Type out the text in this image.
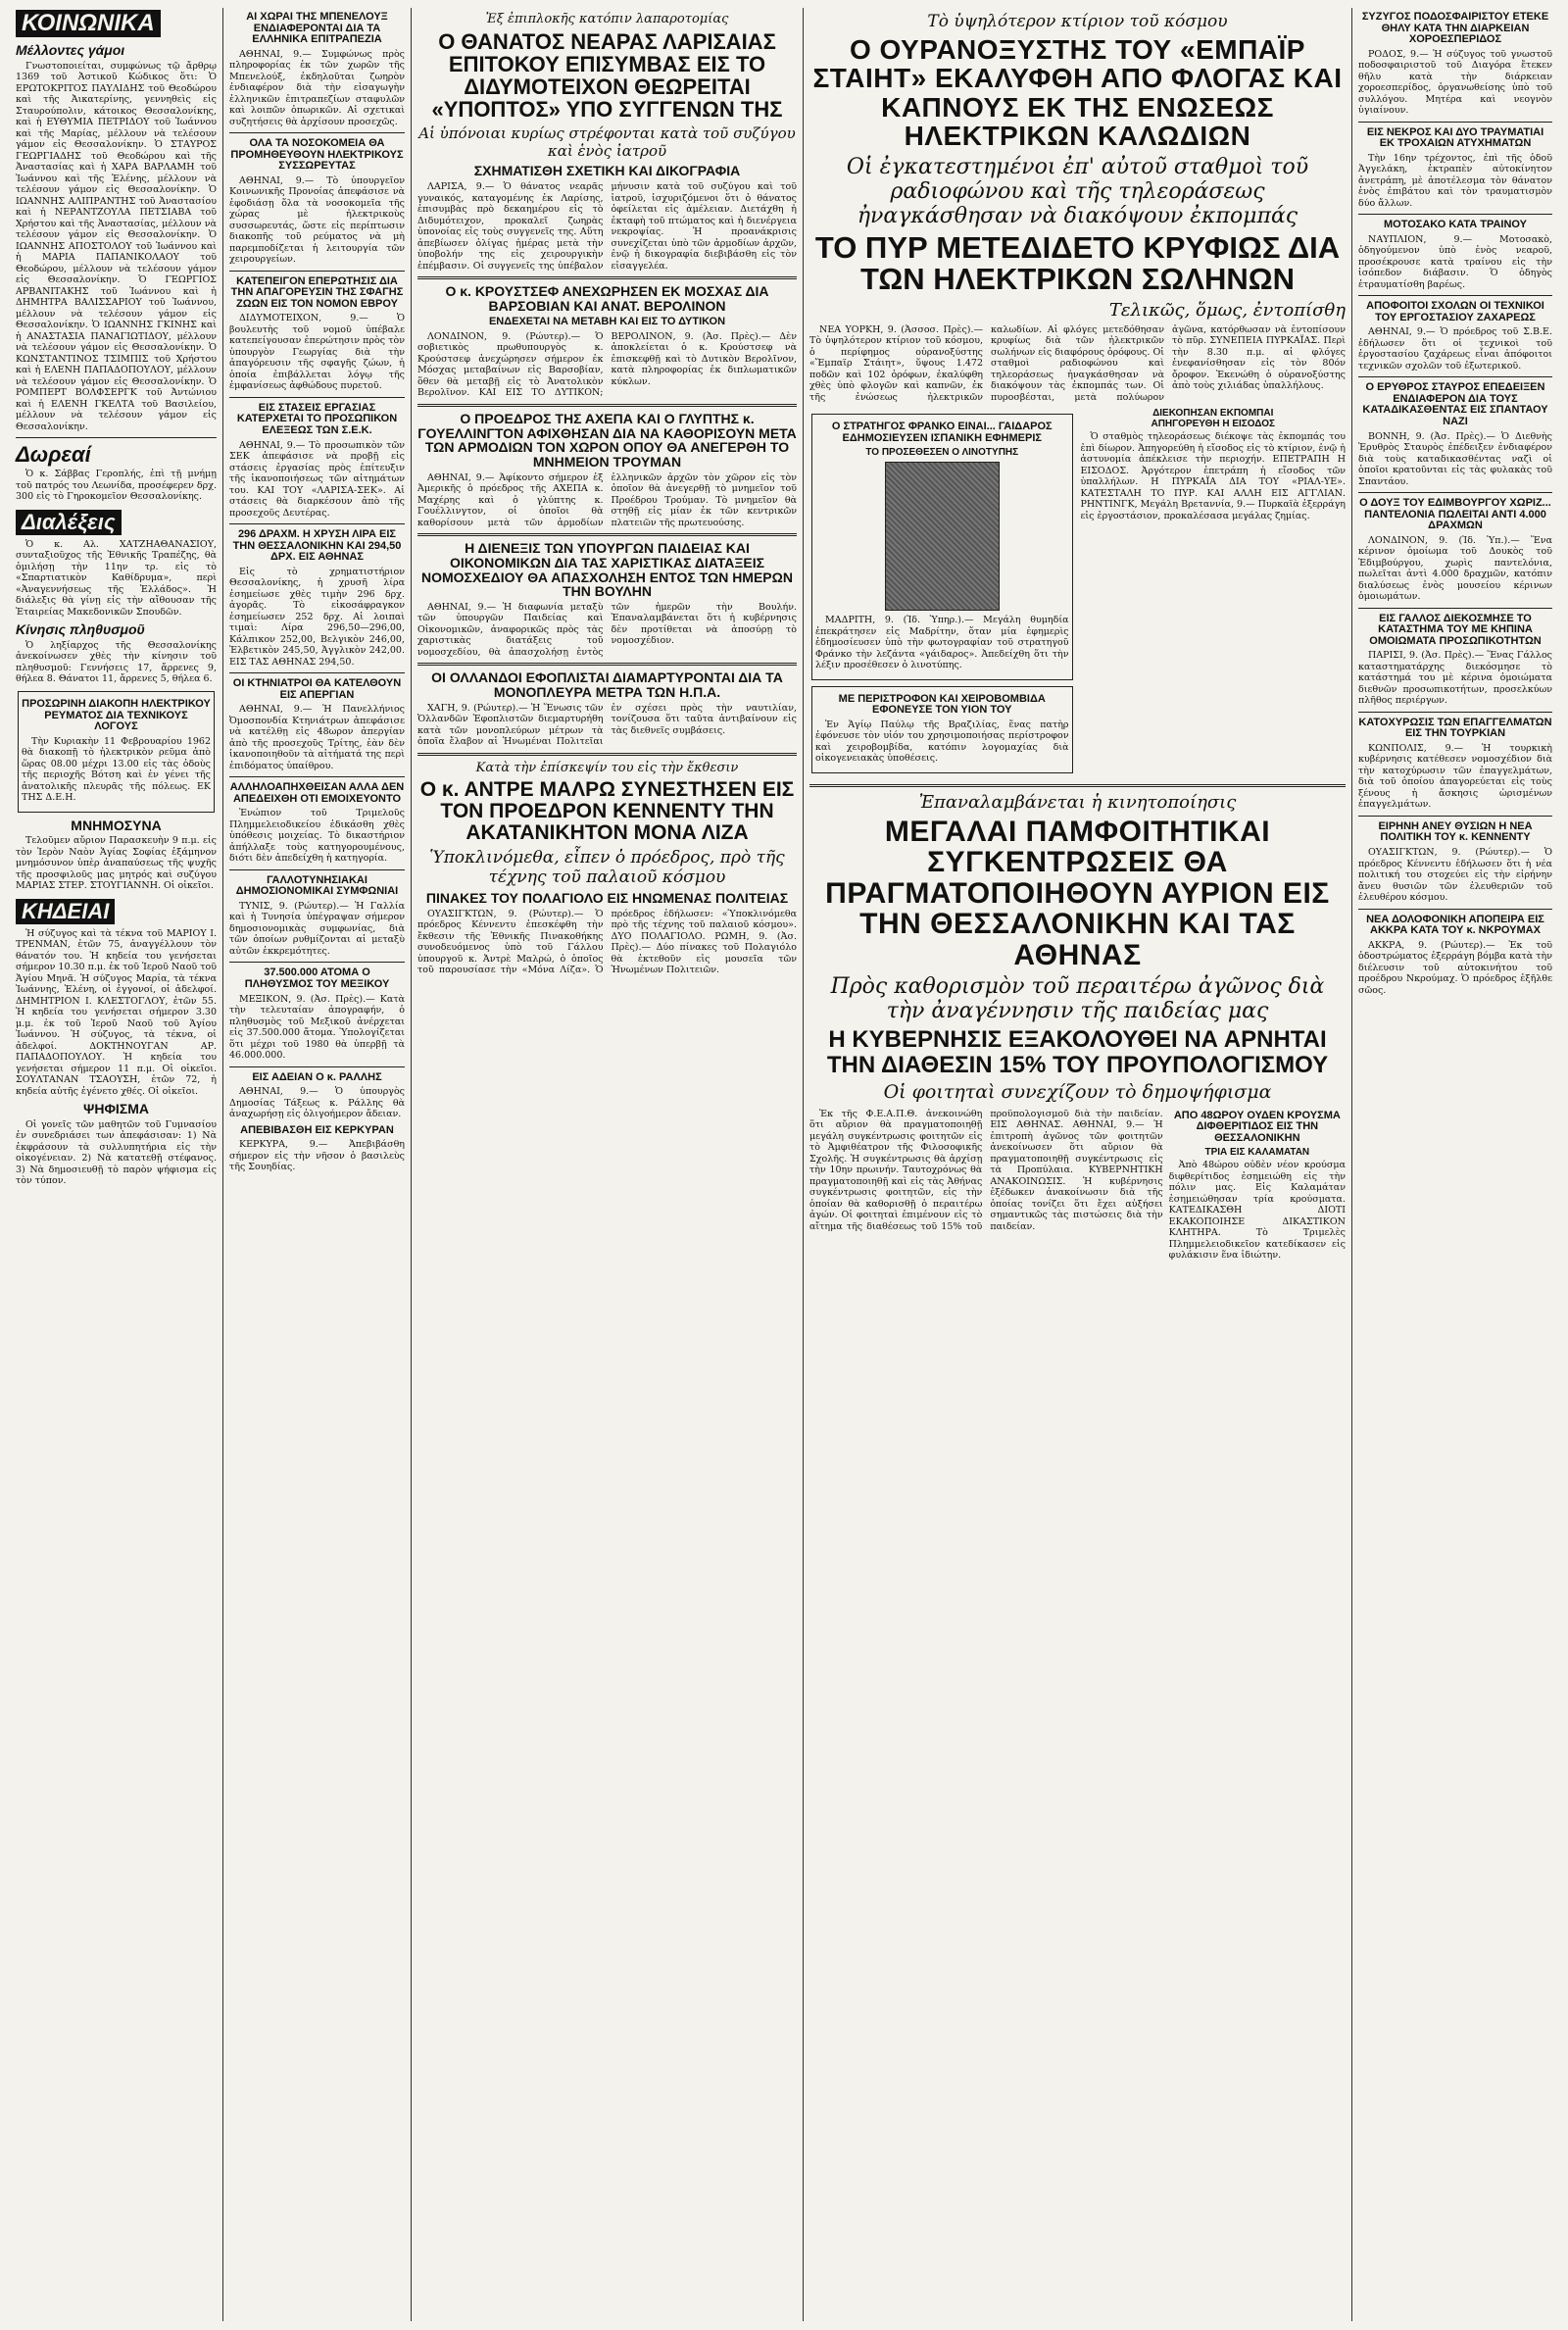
ΚΟΙΝΩΝΙΚΑ
Μέλλοντες γάμοι

Γνωστοποιείται, συμφώνως τῷ ἄρθρῳ 1369 τοῦ Ἀστικοῦ Κώδικος ὅτι: Ὁ ΕΡΩΤΟΚΡΙΤΟΣ ΠΑΥΛΙΔΗΣ τοῦ Θεοδώρου καὶ τῆς Ἀικατερίνης, γεννηθεὶς εἰς Σταυρούπολιν, κάτοικος Θεσσαλονίκης, καὶ ἡ ΕΥΘΥΜΙΑ ΠΕΤΡΙΔΟΥ τοῦ Ἰωάννου καὶ τῆς Μαρίας, μέλλουν νὰ τελέσουν γάμον εἰς Θεσσαλονίκην. Ὁ ΣΤΑΥΡΟΣ ΓΕΩΡΓΙΑΔΗΣ τοῦ Θεοδώρου καὶ τῆς Ἀναστασίας καὶ ἡ ΧΑΡΑ ΒΑΡΛΑΜΗ τοῦ Ἰωάννου καὶ τῆς Ἑλένης, μέλλουν νὰ τελέσουν γάμον εἰς Θεσσαλονίκην. Ὁ ΙΩΑΝΝΗΣ ΑΛΙΠΡΑΝΤΗΣ τοῦ Ἀναστασίου καὶ ἡ ΝΕΡΑΝΤΖΟΥΛΑ ΠΕΤΣΙΑΒΑ τοῦ Χρήστου καὶ τῆς Ἀναστασίας, μέλλουν νὰ τελέσουν γάμον εἰς Θεσσαλονίκην. Ὁ ΙΩΑΝΝΗΣ ΑΠΟΣΤΟΛΟΥ τοῦ Ἰωάννου καὶ ἡ ΜΑΡΙΑ ΠΑΠΑΝΙΚΟΛΑΟΥ τοῦ Θεοδώρου, μέλλουν νὰ τελέσουν γάμον εἰς Θεσσαλονίκην. Ὁ ΓΕΩΡΓΙΟΣ ΑΡΒΑΝΙΤΑΚΗΣ τοῦ Ἰωάννου καὶ ἡ ΔΗΜΗΤΡΑ ΒΑΛΙΣΣΑΡΙΟΥ τοῦ Ἰωάννου, μέλλουν νὰ τελέσουν γάμον εἰς Θεσσαλονίκην. Ὁ ΙΩΑΝΝΗΣ ΓΚΙΝΗΣ καὶ ἡ ΑΝΑΣΤΑΣΙΑ ΠΑΝΑΓΙΩΤΙΔΟΥ, μέλλουν νὰ τελέσουν γάμον εἰς Θεσσαλονίκην. Ὁ ΚΩΝΣΤΑΝΤΙΝΟΣ ΤΣΙΜΠΙΣ τοῦ Χρήστου καὶ ἡ ΕΛΕΝΗ ΠΑΠΑΔΟΠΟΥΛΟΥ, μέλλουν νὰ τελέσουν γάμον εἰς Θεσσαλονίκην. Ὁ ΡΟΜΠΕΡΤ ΒΟΛΦΣΕΡΓΚ τοῦ Ἀντώνιου καὶ ἡ ΕΛΕΝΗ ΓΚΕΛΤΑ τοῦ Βασιλείου, μέλλουν νὰ τελέσουν γάμον εἰς Θεσσαλονίκην.

Δωρεαί

Ὁ κ. Σάββας Γεροπλής, ἐπὶ τῇ μνήμῃ τοῦ πατρός του Λεωνίδα, προσέφερεν δρχ. 300 εἰς τὸ Γηροκομεῖον Θεσσαλονίκης.

Διαλέξεις

Ὁ κ. Αλ. ΧΑΤΖΗΑΘΑΝΑΣΙΟΥ, συνταξιοῦχος τῆς Ἐθνικῆς Τραπέζης, θὰ ὁμιλήσῃ τὴν 11ην τρ. εἰς τὸ «Σπαρτιατικὸν Καθίδρυμα», περὶ «Ἀναγεννήσεως τῆς Ἑλλάδος». Ἡ διάλεξις θὰ γίνῃ εἰς τὴν αἴθουσαν τῆς Ἑταιρείας Μακεδονικῶν Σπουδῶν.

Κίνησις πληθυσμοῦ

Ὁ ληξίαρχος τῆς Θεσσαλονίκης ἀνεκοίνωσεν χθὲς τὴν κίνησιν τοῦ πληθυσμοῦ: Γεννήσεις 17, ἄρρενες 9, θήλεα 8. Θάνατοι 11, ἄρρενες 5, θήλεα 6.

ΠΡΟΣΩΡΙΝΗ ΔΙΑΚΟΠΗ ΗΛΕΚΤΡΙΚΟΥ ΡΕΥΜΑΤΟΣ ΔΙΑ ΤΕΧΝΙΚΟΥΣ ΛΟΓΟΥΣ

Τὴν Κυριακὴν 11 Φεβρουαρίου 1962 θὰ διακοπῇ τὸ ἠλεκτρικὸν ρεῦμα ἀπὸ ὥρας 08.00 μέχρι 13.00 εἰς τὰς ὁδοὺς τῆς περιοχῆς Βότση καὶ ἐν γένει τῆς ἀνατολικῆς πλευρᾶς τῆς πόλεως. ΕΚ ΤΗΣ Δ.Ε.Η.

ΜΝΗΜΟΣΥΝΑ

Τελοῦμεν αὔριον Παρασκευὴν 9 π.μ. εἰς τὸν Ἱερὸν Ναὸν Ἁγίας Σοφίας ἑξάμηνον μνημόσυνον ὑπὲρ ἀναπαύσεως τῆς ψυχῆς τῆς προσφιλοῦς μας μητρός καὶ συζύγου ΜΑΡΙΑΣ ΣΤΕΡ. ΣΤΟΥΓΙΑΝΝΗ. Οἱ οἰκεῖοι.

ΚΗΔΕΙΑΙ

Ἡ σύζυγος καὶ τὰ τέκνα τοῦ ΜΑΡΙΟΥ Ι. ΤΡΕΝΜΑΝ, ἐτῶν 75, ἀναγγέλλουν τὸν θάνατόν του. Ἡ κηδεία του γενήσεται σήμερον 10.30 π.μ. ἐκ τοῦ Ἱεροῦ Ναοῦ τοῦ Ἁγίου Μηνᾶ. Ἡ σύζυγος Μαρία, τὰ τέκνα Ἰωάννης, Ἑλένη, οἱ ἐγγονοί, οἱ ἀδελφοί. ΔΗΜΗΤΡΙΟΝ Ι. ΚΛΕΣΤΟΓΛΟΥ, ἐτῶν 55. Ἡ κηδεία του γενήσεται σήμερον 3.30 μ.μ. ἐκ τοῦ Ἱεροῦ Ναοῦ τοῦ Ἁγίου Ἰωάννου. Ἡ σύζυγος, τὰ τέκνα, οἱ ἀδελφοί. ΔΟΚΤΗΝΟΥΓΑΝ ΑΡ. ΠΑΠΑΔΟΠΟΥΛΟΥ. Ἡ κηδεία του γενήσεται σήμερον 11 π.μ. Οἱ οἰκεῖοι. ΣΟΥΛΤΑΝΑΝ ΤΣΑΟΥΣΗ, ἐτῶν 72, ἡ κηδεία αὐτῆς ἐγένετο χθές. Οἱ οἰκεῖοι.

ΨΗΦΙΣΜΑ

Οἱ γονεῖς τῶν μαθητῶν τοῦ Γυμνασίου ἐν συνεδριάσει των ἀπεφάσισαν: 1) Νὰ ἐκφράσουν τὰ συλλυπητήρια εἰς τὴν οἰκογένειαν. 2) Νὰ κατατεθῇ στέφανος. 3) Νὰ δημοσιευθῇ τὸ παρὸν ψήφισμα εἰς τὸν τύπον.

ΑΙ ΧΩΡΑΙ ΤΗΣ ΜΠΕΝΕΛΟΥΞ ΕΝΔΙΑΦΕΡΟΝΤΑΙ ΔΙΑ ΤΑ ΕΛΛΗΝΙΚΑ ΕΠΙΤΡΑΠΕΖΙΑ

ΑΘΗΝΑΙ, 9.— Συμφώνως πρὸς πληροφορίας ἐκ τῶν χωρῶν τῆς Μπενελούξ, ἐκδηλοῦται ζωηρὸν ἐνδιαφέρον διὰ τὴν εἰσαγωγὴν ἑλληνικῶν ἐπιτραπεζίων σταφυλῶν καὶ λοιπῶν ὀπωρικῶν. Αἱ σχετικαὶ συζητήσεις θὰ ἀρχίσουν προσεχῶς.

ΟΛΑ ΤΑ ΝΟΣΟΚΟΜΕΙΑ ΘΑ ΠΡΟΜΗΘΕΥΘΟΥΝ ΗΛΕΚΤΡΙΚΟΥΣ ΣΥΣΣΩΡΕΥΤΑΣ

ΑΘΗΝΑΙ, 9.— Τὸ ὑπουργεῖον Κοινωνικῆς Προνοίας ἀπεφάσισε νὰ ἐφοδιάσῃ ὅλα τὰ νοσοκομεῖα τῆς χώρας μὲ ἠλεκτρικοὺς συσσωρευτάς, ὥστε εἰς περίπτωσιν διακοπῆς τοῦ ρεύματος νὰ μὴ παρεμποδίζεται ἡ λειτουργία τῶν χειρουργείων.

ΚΑΤΕΠΕΙΓΟΝ ΕΠΕΡΩΤΗΣΙΣ ΔΙΑ ΤΗΝ ΑΠΑΓΟΡΕΥΣΙΝ ΤΗΣ ΣΦΑΓΗΣ ΖΩΩΝ ΕΙΣ ΤΟΝ ΝΟΜΟΝ ΕΒΡΟΥ

ΔΙΔΥΜΟΤΕΙΧΟΝ, 9.— Ὁ βουλευτὴς τοῦ νομοῦ ὑπέβαλε κατεπείγουσαν ἐπερώτησιν πρὸς τὸν ὑπουργὸν Γεωργίας διὰ τὴν ἀπαγόρευσιν τῆς σφαγῆς ζώων, ἡ ὁποία ἐπιβάλλεται λόγῳ τῆς ἐμφανίσεως ἀφθώδους πυρετοῦ.

ΕΙΣ ΣΤΑΣΕΙΣ ΕΡΓΑΣΙΑΣ ΚΑΤΕΡΧΕΤΑΙ ΤΟ ΠΡΟΣΩΠΙΚΟΝ ΕΛΕΞΕΩΣ ΤΩΝ Σ.Ε.Κ.

ΑΘΗΝΑΙ, 9.— Τὸ προσωπικὸν τῶν ΣΕΚ ἀπεφάσισε νὰ προβῇ εἰς στάσεις ἐργασίας πρὸς ἐπίτευξιν τῆς ἱκανοποιήσεως τῶν αἰτημάτων του. ΚΑΙ ΤΟΥ «ΛΑΡΙΣΑ-ΣΕΚ». Αἱ στάσεις θὰ διαρκέσουν ἀπὸ τῆς προσεχοῦς Δευτέρας.

296 ΔΡΑΧΜ. Η ΧΡΥΣΗ ΛΙΡΑ ΕΙΣ ΤΗΝ ΘΕΣΣΑΛΟΝΙΚΗΝ ΚΑΙ 294,50 ΔΡΧ. ΕΙΣ ΑΘΗΝΑΣ

Εἰς τὸ χρηματιστήριον Θεσσαλονίκης, ἡ χρυσῆ λίρα ἐσημείωσε χθὲς τιμὴν 296 δρχ. ἀγορᾶς. Τὸ εἰκοσάφραγκον ἐσημείωσεν 252 δρχ. Αἱ λοιπαὶ τιμαὶ: Λίρα 296,50—296,00, Κάλπικον 252,00, Βελγικὸν 246,00, Ἐλβετικὸν 245,50, Ἀγγλικὸν 242,00. ΕΙΣ ΤΑΣ ΑΘΗΝΑΣ 294,50.

ΟΙ ΚΤΗΝΙΑΤΡΟΙ ΘΑ ΚΑΤΕΛΘΟΥΝ ΕΙΣ ΑΠΕΡΓΙΑΝ

ΑΘΗΝΑΙ, 9.— Ἡ Πανελλήνιος Ὀμοσπονδία Κτηνιάτρων ἀπεφάσισε νὰ κατέλθῃ εἰς 48ωρον ἀπεργίαν ἀπὸ τῆς προσεχοῦς Τρίτης, ἐὰν δὲν ἱκανοποιηθοῦν τὰ αἰτήματά της περὶ ἐπιδόματος ὑπαίθρου.

ΑΛΛΗΛΟΑΠΗΧΘΕΙΣΑΝ ΑΛΛΑ ΔΕΝ ΑΠΕΔΕΙΧΘΗ ΟΤΙ ΕΜΟΙΧΕΥΟΝΤΟ

Ἐνώπιον τοῦ Τριμελοῦς Πλημμελειοδικείου ἐδικάσθη χθὲς ὑπόθεσις μοιχείας. Τὸ δικαστήριον ἀπήλλαξε τοὺς κατηγορουμένους, διότι δὲν ἀπεδείχθη ἡ κατηγορία.

ΓΑΛΛΟΤΥΝΗΣΙΑΚΑΙ ΔΗΜΟΣΙΟΝΟΜΙΚΑΙ ΣΥΜΦΩΝΙΑΙ

ΤΥΝΙΣ, 9. (Ρώυτερ).— Ἡ Γαλλία καὶ ἡ Τυνησία ὑπέγραψαν σήμερον δημοσιονομικὰς συμφωνίας, διὰ τῶν ὁποίων ρυθμίζονται αἱ μεταξὺ αὐτῶν ἐκκρεμότητες.

37.500.000 ΑΤΟΜΑ Ο ΠΛΗΘΥΣΜΟΣ ΤΟΥ ΜΕΞΙΚΟΥ

ΜΕΞΙΚΟΝ, 9. (Ἀσ. Πρὲς).— Κατὰ τὴν τελευταίαν ἀπογραφήν, ὁ πληθυσμὸς τοῦ Μεξικοῦ ἀνέρχεται εἰς 37.500.000 ἄτομα. Ὑπολογίζεται ὅτι μέχρι τοῦ 1980 θὰ ὑπερβῇ τὰ 46.000.000.

ΕΙΣ ΑΔΕΙΑΝ Ο κ. ΡΑΛΛΗΣ

ΑΘΗΝΑΙ, 9.— Ὁ ὑπουργὸς Δημοσίας Τάξεως κ. Ράλλης θὰ ἀναχωρήσῃ εἰς ὀλιγοήμερον ἄδειαν.

ΑΠΕΒΙΒΑΣΘΗ ΕΙΣ ΚΕΡΚΥΡΑΝ

ΚΕΡΚΥΡΑ, 9.— Ἀπεβιβάσθη σήμερον εἰς τὴν νῆσον ὁ βασιλεὺς τῆς Σουηδίας.

Ἐξ ἐπιπλοκῆς κατόπιν λαπαροτομίας
Ο ΘΑΝΑΤΟΣ ΝΕΑΡΑΣ ΛΑΡΙΣΑΙΑΣ ΕΠΙΤΟΚΟΥ ΕΠΙΣΥΜΒΑΣ ΕΙΣ ΤΟ ΔΙΔΥΜΟΤΕΙΧΟΝ ΘΕΩΡΕΙΤΑΙ «ΥΠΟΠΤΟΣ» ΥΠΟ ΣΥΓΓΕΝΩΝ ΤΗΣ
Αἱ ὑπόνοιαι κυρίως στρέφονται κατὰ τοῦ συζύγου καὶ ἑνὸς ἰατροῦ
ΣΧΗΜΑΤΙΣΘΗ ΣΧΕΤΙΚΗ ΚΑΙ ΔΙΚΟΓΡΑΦΙΑ

ΛΑΡΙΣΑ, 9.— Ὁ θάνατος νεαρᾶς γυναικός, καταγομένης ἐκ Λαρίσης, ἐπισυμβὰς πρὸ δεκαημέρου εἰς τὸ Διδυμότειχον, προκαλεῖ ζωηρὰς ὑπονοίας εἰς τοὺς συγγενεῖς της. Αὕτη ἀπεβίωσεν ὀλίγας ἡμέρας μετὰ τὴν ὑποβολήν της εἰς χειρουργικὴν ἐπέμβασιν. Οἱ συγγενεῖς της ὑπέβαλον μήνυσιν κατὰ τοῦ συζύγου καὶ τοῦ ἰατροῦ, ἰσχυριζόμενοι ὅτι ὁ θάνατος ὀφείλεται εἰς ἀμέλειαν. Διετάχθη ἡ ἐκταφὴ τοῦ πτώματος καὶ ἡ διενέργεια νεκροψίας. Ἡ προανάκρισις συνεχίζεται ὑπὸ τῶν ἁρμοδίων ἀρχῶν, ἐνῷ ἡ δικογραφία διεβιβάσθη εἰς τὸν εἰσαγγελέα.

Ο κ. ΚΡΟΥΣΤΣΕΦ ΑΝΕΧΩΡΗΣΕΝ ΕΚ ΜΟΣΧΑΣ ΔΙΑ ΒΑΡΣΟΒΙΑΝ ΚΑΙ ΑΝΑΤ. ΒΕΡΟΛΙΝΟΝ
ΕΝΔΕΧΕΤΑΙ ΝΑ ΜΕΤΑΒΗ ΚΑΙ ΕΙΣ ΤΟ ΔΥΤΙΚΟΝ

ΛΟΝΔΙΝΟΝ, 9. (Ρώυτερ).— Ὁ σοβιετικὸς πρωθυπουργὸς κ. Κρούστσεφ ἀνεχώρησεν σήμερον ἐκ Μόσχας μεταβαίνων εἰς Βαρσοβίαν, ὅθεν θὰ μεταβῇ εἰς τὸ Ἀνατολικὸν Βερολῖνον. ΚΑΙ ΕΙΣ ΤΟ ΔΥΤΙΚΟΝ; ΒΕΡΟΛΙΝΟΝ, 9. (Ἀσ. Πρὲς).— Δὲν ἀποκλείεται ὁ κ. Κρούστσεφ νὰ ἐπισκεφθῇ καὶ τὸ Δυτικὸν Βερολῖνον, κατὰ πληροφορίας ἐκ διπλωματικῶν κύκλων.

Ο ΠΡΟΕΔΡΟΣ ΤΗΣ ΑΧΕΠΑ ΚΑΙ Ο ΓΛΥΠΤΗΣ κ. ΓΟΥΕΛΛΙΝΓΤΟΝ ΑΦΙΧΘΗΣΑΝ ΔΙΑ ΝΑ ΚΑΘΟΡΙΣΟΥΝ ΜΕΤΑ ΤΩΝ ΑΡΜΟΔΙΩΝ ΤΟΝ ΧΩΡΟΝ ΟΠΟΥ ΘΑ ΑΝΕΓΕΡΘΗ ΤΟ ΜΝΗΜΕΙΟΝ ΤΡΟΥΜΑΝ

ΑΘΗΝΑΙ, 9.— Ἀφίκοντο σήμερον ἐξ Ἀμερικῆς ὁ πρόεδρος τῆς ΑΧΕΠΑ κ. Μαχέρης καὶ ὁ γλύπτης κ. Γουέλλινγτον, οἱ ὁποῖοι θὰ καθορίσουν μετὰ τῶν ἁρμοδίων ἑλληνικῶν ἀρχῶν τὸν χῶρον εἰς τὸν ὁποῖον θὰ ἀνεγερθῇ τὸ μνημεῖον τοῦ Προέδρου Τρούμαν. Τὸ μνημεῖον θὰ στηθῇ εἰς μίαν ἐκ τῶν κεντρικῶν πλατειῶν τῆς πρωτευούσης.

Η ΔΙΕΝΕΞΙΣ ΤΩΝ ΥΠΟΥΡΓΩΝ ΠΑΙΔΕΙΑΣ ΚΑΙ ΟΙΚΟΝΟΜΙΚΩΝ ΔΙΑ ΤΑΣ ΧΑΡΙΣΤΙΚΑΣ ΔΙΑΤΑΞΕΙΣ ΝΟΜΟΣΧΕΔΙΟΥ ΘΑ ΑΠΑΣΧΟΛΗΣΗ ΕΝΤΟΣ ΤΩΝ ΗΜΕΡΩΝ ΤΗΝ ΒΟΥΛΗΝ

ΑΘΗΝΑΙ, 9.— Ἡ διαφωνία μεταξὺ τῶν ὑπουργῶν Παιδείας καὶ Οἰκονομικῶν, ἀναφορικῶς πρὸς τὰς χαριστικὰς διατάξεις τοῦ νομοσχεδίου, θὰ ἀπασχολήσῃ ἐντὸς τῶν ἡμερῶν τὴν Βουλήν. Ἐπαναλαμβάνεται ὅτι ἡ κυβέρνησις δὲν προτίθεται νὰ ἀποσύρῃ τὸ νομοσχέδιον.

ΟΙ ΟΛΛΑΝΔΟΙ ΕΦΟΠΛΙΣΤΑΙ ΔΙΑΜΑΡΤΥΡΟΝΤΑΙ ΔΙΑ ΤΑ ΜΟΝΟΠΛΕΥΡΑ ΜΕΤΡΑ ΤΩΝ Η.Π.Α.

ΧΑΓΗ, 9. (Ρώυτερ).— Ἡ Ἕνωσις τῶν Ὁλλανδῶν Ἐφοπλιστῶν διεμαρτυρήθη κατὰ τῶν μονοπλεύρων μέτρων τὰ ὁποῖα ἔλαβον αἱ Ἡνωμέναι Πολιτεῖαι ἐν σχέσει πρὸς τὴν ναυτιλίαν, τονίζουσα ὅτι ταῦτα ἀντιβαίνουν εἰς τὰς διεθνεῖς συμβάσεις.

Κατὰ τὴν ἐπίσκεψίν του εἰς τὴν ἔκθεσιν
Ο κ. ΑΝΤΡΕ ΜΑΛΡΩ ΣΥΝΕΣΤΗΣΕΝ ΕΙΣ ΤΟΝ ΠΡΟΕΔΡΟΝ ΚΕΝΝΕΝΤΥ ΤΗΝ ΑΚΑΤΑΝΙΚΗΤΟΝ ΜΟΝΑ ΛΙΖΑ
Ὑποκλινόμεθα, εἶπεν ὁ πρόεδρος, πρὸ τῆς τέχνης τοῦ παλαιοῦ κόσμου
ΠΙΝΑΚΕΣ ΤΟΥ ΠΟΛΑΓΙΟΛΟ ΕΙΣ ΗΝΩΜΕΝΑΣ ΠΟΛΙΤΕΙΑΣ

ΟΥΑΣΙΓΚΤΩΝ, 9. (Ρώυτερ).— Ὁ πρόεδρος Κέννεντυ ἐπεσκέφθη τὴν ἔκθεσιν τῆς Ἐθνικῆς Πινακοθήκης συνοδευόμενος ὑπὸ τοῦ Γάλλου ὑπουργοῦ κ. Ἀντρὲ Μαλρώ, ὁ ὁποῖος τοῦ παρουσίασε τὴν «Μόνα Λίζα». Ὁ πρόεδρος ἐδήλωσεν: «Ὑποκλινόμεθα πρὸ τῆς τέχνης τοῦ παλαιοῦ κόσμου». ΔΥΟ ΠΟΛΑΓΙΟΛΟ. ΡΩΜΗ, 9. (Ἀσ. Πρὲς).— Δύο πίνακες τοῦ Πολαγιόλο θὰ ἐκτεθοῦν εἰς μουσεῖα τῶν Ἡνωμένων Πολιτειῶν.

Τὸ ὑψηλότερον κτίριον τοῦ κόσμου
Ο ΟΥΡΑΝΟΞΥΣΤΗΣ ΤΟΥ «ΕΜΠΑΪΡ ΣΤΑΙΗΤ» ΕΚΑΛΥΦΘΗ ΑΠΟ ΦΛΟΓΑΣ ΚΑΙ ΚΑΠΝΟΥΣ ΕΚ ΤΗΣ ΕΝΩΣΕΩΣ ΗΛΕΚΤΡΙΚΩΝ ΚΑΛΩΔΙΩΝ
Οἱ ἐγκατεστημένοι ἐπ' αὐτοῦ σταθμοὶ τοῦ ραδιοφώνου καὶ τῆς τηλεοράσεως ἠναγκάσθησαν νὰ διακόψουν ἐκπομπάς
ΤΟ ΠΥΡ ΜΕΤΕΔΙΔΕΤΟ ΚΡΥΦΙΩΣ ΔΙΑ ΤΩΝ ΗΛΕΚΤΡΙΚΩΝ ΣΩΛΗΝΩΝ
Τελικῶς, ὅμως, ἐντοπίσθη

ΝΕΑ ΥΟΡΚΗ, 9. (Ἀσσοσ. Πρὲς).— Τὸ ὑψηλότερον κτίριον τοῦ κόσμου, ὁ περίφημος οὐρανοξύστης «Ἔμπαϊρ Στάιητ», ὕψους 1.472 ποδῶν καὶ 102 ὀρόφων, ἐκαλύφθη χθὲς ὑπὸ φλογῶν καὶ καπνῶν, ἐκ τῆς ἐνώσεως ἠλεκτρικῶν καλωδίων. Αἱ φλόγες μετεδόθησαν κρυφίως διὰ τῶν ἠλεκτρικῶν σωλήνων εἰς διαφόρους ὀρόφους. Οἱ σταθμοὶ ραδιοφώνου καὶ τηλεοράσεως ἠναγκάσθησαν νὰ διακόψουν τὰς ἐκπομπάς των. Οἱ πυροσβέσται, μετὰ πολύωρον ἀγῶνα, κατόρθωσαν νὰ ἐντοπίσουν τὸ πῦρ. ΣΥΝΕΠΕΙΑ ΠΥΡΚΑΪΑΣ. Περὶ τὴν 8.30 π.μ. αἱ φλόγες ἐνεφανίσθησαν εἰς τὸν 80όν ὄροφον. Ἐκενώθη ὁ οὐρανοξύστης ἀπὸ τοὺς χιλιάδας ὑπαλλήλους.

Ο ΣΤΡΑΤΗΓΟΣ ΦΡΑΝΚΟ ΕΙΝΑΙ... ΓΑΙΔΑΡΟΣ ΕΔΗΜΟΣΙΕΥΣΕΝ ΙΣΠΑΝΙΚΗ ΕΦΗΜΕΡΙΣ
ΤΟ ΠΡΟΣΕΘΕΣΕΝ Ο ΛΙΝΟΤΥΠΗΣ

ΜΑΔΡΙΤΗ, 9. (Ἰδ. Ὑπηρ.).— Μεγάλη θυμηδία ἐπεκράτησεν εἰς Μαδρίτην, ὅταν μία ἐφημερὶς ἐδημοσίευσεν ὑπὸ τὴν φωτογραφίαν τοῦ στρατηγοῦ Φράνκο τὴν λεζάντα «γάιδαρος». Ἀπεδείχθη ὅτι τὴν λέξιν προσέθεσεν ὁ λινοτύπης.

ΜΕ ΠΕΡΙΣΤΡΟΦΟΝ ΚΑΙ ΧΕΙΡΟΒΟΜΒΙΔΑ ΕΦΟΝΕΥΣΕ ΤΟΝ ΥΙΟΝ ΤΟΥ

Ἐν Ἁγίῳ Παύλῳ τῆς Βραζιλίας, ἕνας πατὴρ ἐφόνευσε τὸν υἱόν του χρησιμοποιήσας περίστροφον καὶ χειροβομβίδα, κατόπιν λογομαχίας διὰ οἰκογενειακὰς ὑποθέσεις.

ΔΙΕΚΟΠΗΣΑΝ ΕΚΠΟΜΠΑΙ
ΑΠΗΓΟΡΕΥΘΗ Η ΕΙΣΟΔΟΣ

Ὁ σταθμὸς τηλεοράσεως διέκοψε τὰς ἐκπομπάς του ἐπὶ δίωρον. Ἀπηγορεύθη ἡ εἴσοδος εἰς τὸ κτίριον, ἐνῷ ἡ ἀστυνομία ἀπέκλεισε τὴν περιοχήν. ΕΠΕΤΡΑΠΗ Η ΕΙΣΟΔΟΣ. Ἀργότερον ἐπετράπη ἡ εἴσοδος τῶν ὑπαλλήλων. Η ΠΥΡΚΑΪΑ ΔΙΑ ΤΟΥ «ΡΙΑΛ-ΥΕ». ΚΑΤΕΣΤΑΛΗ ΤΟ ΠΥΡ. ΚΑΙ ΑΛΛΗ ΕΙΣ ΑΓΓΛΙΑΝ. ΡΗΝΤΙΝΓΚ, Μεγάλη Βρεταννία, 9.— Πυρκαϊὰ ἐξερράγη εἰς ἐργοστάσιον, προκαλέσασα μεγάλας ζημίας.

Ἐπαναλαμβάνεται ἡ κινητοποίησις
ΜΕΓΑΛΑΙ ΠΑΜΦΟΙΤΗΤΙΚΑΙ ΣΥΓΚΕΝΤΡΩΣΕΙΣ ΘΑ ΠΡΑΓΜΑΤΟΠΟΙΗΘΟΥΝ ΑΥΡΙΟΝ ΕΙΣ ΤΗΝ ΘΕΣΣΑΛΟΝΙΚΗΝ ΚΑΙ ΤΑΣ ΑΘΗΝΑΣ
Πρὸς καθορισμὸν τοῦ περαιτέρω ἀγῶνος διὰ τὴν ἀναγέννησιν τῆς παιδείας μας
Η ΚΥΒΕΡΝΗΣΙΣ ΕΞΑΚΟΛΟΥΘΕΙ ΝΑ ΑΡΝΗΤΑΙ ΤΗΝ ΔΙΑΘΕΣΙΝ 15% ΤΟΥ ΠΡΟΥΠΟΛΟΓΙΣΜΟΥ
Οἱ φοιτηταὶ συνεχίζουν τὸ δημοψήφισμα

Ἐκ τῆς Φ.Ε.Α.Π.Θ. ἀνεκοινώθη ὅτι αὔριον θὰ πραγματοποιηθῇ μεγάλη συγκέντρωσις φοιτητῶν εἰς τὸ Ἀμφιθέατρον τῆς Φιλοσοφικῆς Σχολῆς. Ἡ συγκέντρωσις θὰ ἀρχίσῃ τὴν 10ην πρωινήν. Ταυτοχρόνως θὰ πραγματοποιηθῇ καὶ εἰς τὰς Ἀθήνας συγκέντρωσις φοιτητῶν, εἰς τὴν ὁποίαν θὰ καθορισθῇ ὁ περαιτέρω ἀγών. Οἱ φοιτηταὶ ἐπιμένουν εἰς τὸ αἴτημα τῆς διαθέσεως τοῦ 15% τοῦ προϋπολογισμοῦ διὰ τὴν παιδείαν. ΕΙΣ ΑΘΗΝΑΣ. ΑΘΗΝΑΙ, 9.— Ἡ ἐπιτροπὴ ἀγῶνος τῶν φοιτητῶν ἀνεκοίνωσεν ὅτι αὔριον θὰ πραγματοποιηθῇ συγκέντρωσις εἰς τὰ Προπύλαια. ΚΥΒΕΡΝΗΤΙΚΗ ΑΝΑΚΟΙΝΩΣΙΣ. Ἡ κυβέρνησις ἐξέδωκεν ἀνακοίνωσιν διὰ τῆς ὁποίας τονίζει ὅτι ἔχει αὐξήσει σημαντικῶς τὰς πιστώσεις διὰ τὴν παιδείαν.

ΑΠΟ 48ΩΡΟΥ ΟΥΔΕΝ ΚΡΟΥΣΜΑ ΔΙΦΘΕΡΙΤΙΔΟΣ ΕΙΣ ΤΗΝ ΘΕΣΣΑΛΟΝΙΚΗΝ
ΤΡΙΑ ΕΙΣ ΚΑΛΑΜΑΤΑΝ

Ἀπὸ 48ώρου οὐδὲν νέον κρούσμα διφθερίτιδος ἐσημειώθη εἰς τὴν πόλιν μας. Εἰς Καλαμάταν ἐσημειώθησαν τρία κρούσματα. ΚΑΤΕΔΙΚΑΣΘΗ ΔΙΟΤΙ ΕΚΑΚΟΠΟΙΗΣΕ ΔΙΚΑΣΤΙΚΟΝ ΚΛΗΤΗΡΑ. Τὸ Τριμελὲς Πλημμελειοδικεῖον κατεδίκασεν εἰς φυλάκισιν ἕνα ἰδιώτην.

ΣΥΖΥΓΟΣ ΠΟΔΟΣΦΑΙΡΙΣΤΟΥ ΕΤΕΚΕ ΘΗΛΥ ΚΑΤΑ ΤΗΝ ΔΙΑΡΚΕΙΑΝ ΧΟΡΟΕΣΠΕΡΙΔΟΣ

ΡΟΔΟΣ, 9.— Ἡ σύζυγος τοῦ γνωστοῦ ποδοσφαιριστοῦ τοῦ Διαγόρα ἔτεκεν θῆλυ κατὰ τὴν διάρκειαν χοροεσπερίδος, ὀργανωθείσης ὑπὸ τοῦ συλλόγου. Μητέρα καὶ νεογνὸν ὑγιαίνουν.

ΕΙΣ ΝΕΚΡΟΣ ΚΑΙ ΔΥΟ ΤΡΑΥΜΑΤΙΑΙ ΕΚ ΤΡΟΧΑΙΩΝ ΑΤΥΧΗΜΑΤΩΝ

Τὴν 16ην τρέχοντος, ἐπὶ τῆς ὁδοῦ Ἀγγελάκη, ἐκτραπὲν αὐτοκίνητον ἀνετράπη, μὲ ἀποτέλεσμα τὸν θάνατον ἑνὸς ἐπιβάτου καὶ τὸν τραυματισμὸν δύο ἄλλων.

ΜΟΤΟΣΑΚΟ ΚΑΤΑ ΤΡΑΙΝΟΥ

ΝΑΥΠΛΙΟΝ, 9.— Μοτοσακὸ, ὁδηγούμενον ὑπὸ ἑνὸς νεαροῦ, προσέκρουσε κατὰ τραίνου εἰς τὴν ἰσόπεδον διάβασιν. Ὁ ὁδηγὸς ἐτραυματίσθη βαρέως.

ΑΠΟΦΟΙΤΟΙ ΣΧΟΛΩΝ ΟΙ ΤΕΧΝΙΚΟΙ ΤΟΥ ΕΡΓΟΣΤΑΣΙΟΥ ΖΑΧΑΡΕΩΣ

ΑΘΗΝΑΙ, 9.— Ὁ πρόεδρος τοῦ Σ.Β.Ε. ἐδήλωσεν ὅτι οἱ τεχνικοὶ τοῦ ἐργοστασίου ζαχάρεως εἶναι ἀπόφοιτοι τεχνικῶν σχολῶν τοῦ ἐξωτερικοῦ.

Ο ΕΡΥΘΡΟΣ ΣΤΑΥΡΟΣ ΕΠΕΔΕΙΞΕΝ ΕΝΔΙΑΦΕΡΟΝ ΔΙΑ ΤΟΥΣ ΚΑΤΑΔΙΚΑΣΘΕΝΤΑΣ ΕΙΣ ΣΠΑΝΤΑΟΥ ΝΑΖΙ

ΒΟΝΝΗ, 9. (Ἀσ. Πρὲς).— Ὁ Διεθνὴς Ἐρυθρὸς Σταυρὸς ἐπέδειξεν ἐνδιαφέρον διὰ τοὺς καταδικασθέντας ναζὶ οἱ ὁποῖοι κρατοῦνται εἰς τὰς φυλακὰς τοῦ Σπαντάου.

Ο ΔΟΥΞ ΤΟΥ ΕΔΙΜΒΟΥΡΓΟΥ ΧΩΡΙΖ... ΠΑΝΤΕΛΟΝΙΑ ΠΩΛΕΙΤΑΙ ΑΝΤΙ 4.000 ΔΡΑΧΜΩΝ

ΛΟΝΔΙΝΟΝ, 9. (Ἰδ. Ὑπ.).— Ἕνα κέρινον ὁμοίωμα τοῦ Δουκὸς τοῦ Ἐδιμβούργου, χωρὶς παντελόνια, πωλεῖται ἀντὶ 4.000 δραχμῶν, κατόπιν διαλύσεως ἑνὸς μουσείου κέρινων ὁμοιωμάτων.

ΕΙΣ ΓΑΛΛΟΣ ΔΙΕΚΟΣΜΗΣΕ ΤΟ ΚΑΤΑΣΤΗΜΑ ΤΟΥ ΜΕ ΚΗΠΙΝΑ ΟΜΟΙΩΜΑΤΑ ΠΡΟΣΩΠΙΚΟΤΗΤΩΝ

ΠΑΡΙΣΙ, 9. (Ἀσ. Πρὲς).— Ἕνας Γάλλος καταστηματάρχης διεκόσμησε τὸ κατάστημά του μὲ κέρινα ὁμοιώματα διεθνῶν προσωπικοτήτων, προσελκύων πλῆθος περιέργων.

ΚΑΤΟΧΥΡΩΣΙΣ ΤΩΝ ΕΠΑΓΓΕΛΜΑΤΩΝ ΕΙΣ ΤΗΝ ΤΟΥΡΚΙΑΝ

ΚΩΝΠΟΛΙΣ, 9.— Ἡ τουρκικὴ κυβέρνησις κατέθεσεν νομοσχέδιον διὰ τὴν κατοχύρωσιν τῶν ἐπαγγελμάτων, διὰ τοῦ ὁποίου ἀπαγορεύεται εἰς τοὺς ξένους ἡ ἄσκησις ὡρισμένων ἐπαγγελμάτων.

ΕΙΡΗΝΗ ΑΝΕΥ ΘΥΣΙΩΝ Η ΝΕΑ ΠΟΛΙΤΙΚΗ ΤΟΥ κ. ΚΕΝΝΕΝΤΥ

ΟΥΑΣΙΓΚΤΩΝ, 9. (Ρώυτερ).— Ὁ πρόεδρος Κέννεντυ ἐδήλωσεν ὅτι ἡ νέα πολιτική του στοχεύει εἰς τὴν εἰρήνην ἄνευ θυσιῶν τῶν ἐλευθεριῶν τοῦ ἐλευθέρου κόσμου.

ΝΕΑ ΔΟΛΟΦΟΝΙΚΗ ΑΠΟΠΕΙΡΑ ΕΙΣ ΑΚΚΡΑ ΚΑΤΑ ΤΟΥ κ. ΝΚΡΟΥΜΑΧ

ΑΚΚΡΑ, 9. (Ρώυτερ).— Ἐκ τοῦ ὁδοστρώματος ἐξερράγη βόμβα κατὰ τὴν διέλευσιν τοῦ αὐτοκινήτου τοῦ προέδρου Νκρούμαχ. Ὁ πρόεδρος ἐξῆλθε σῶος.
